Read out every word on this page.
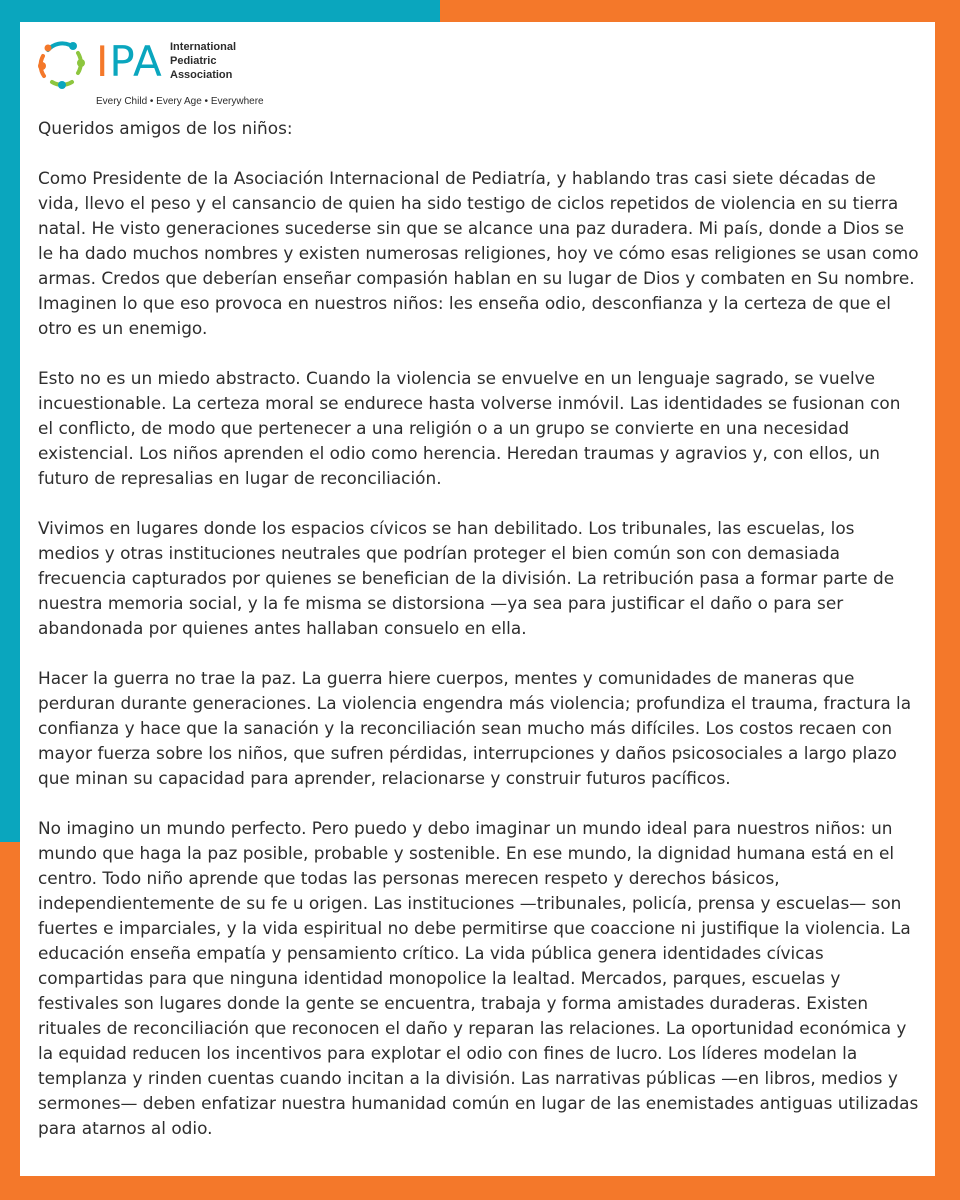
IPA International
Pediatric
Association
Every Child • Every Age • Everywhere

Queridos amigos de los niños:

Como Presidente de la Asociación Internacional de Pediatría, y hablando tras casi siete décadas de vida, llevo el peso y el cansancio de quien ha sido testigo de ciclos repetidos de violencia en su tierra natal. He visto generaciones sucederse sin que se alcance una paz duradera. Mi país, donde a Dios se le ha dado muchos nombres y existen numerosas religiones, hoy ve cómo esas religiones se usan como armas. Credos que deberían enseñar compasión hablan en su lugar de Dios y combaten en Su nombre. Imaginen lo que eso provoca en nuestros niños: les enseña odio, desconfianza y la certeza de que el otro es un enemigo.

Esto no es un miedo abstracto. Cuando la violencia se envuelve en un lenguaje sagrado, se vuelve incuestionable. La certeza moral se endurece hasta volverse inmóvil. Las identidades se fusionan con el conflicto, de modo que pertenecer a una religión o a un grupo se convierte en una necesidad existencial. Los niños aprenden el odio como herencia. Heredan traumas y agravios y, con ellos, un futuro de represalias en lugar de reconciliación.

Vivimos en lugares donde los espacios cívicos se han debilitado. Los tribunales, las escuelas, los medios y otras instituciones neutrales que podrían proteger el bien común son con demasiada frecuencia capturados por quienes se benefician de la división. La retribución pasa a formar parte de nuestra memoria social, y la fe misma se distorsiona —ya sea para justificar el daño o para ser abandonada por quienes antes hallaban consuelo en ella.

Hacer la guerra no trae la paz. La guerra hiere cuerpos, mentes y comunidades de maneras que perduran durante generaciones. La violencia engendra más violencia; profundiza el trauma, fractura la confianza y hace que la sanación y la reconciliación sean mucho más difíciles. Los costos recaen con mayor fuerza sobre los niños, que sufren pérdidas, interrupciones y daños psicosociales a largo plazo que minan su capacidad para aprender, relacionarse y construir futuros pacíficos.

No imagino un mundo perfecto. Pero puedo y debo imaginar un mundo ideal para nuestros niños: un mundo que haga la paz posible, probable y sostenible. En ese mundo, la dignidad humana está en el centro. Todo niño aprende que todas las personas merecen respeto y derechos básicos, independientemente de su fe u origen. Las instituciones —tribunales, policía, prensa y escuelas— son fuertes e imparciales, y la vida espiritual no debe permitirse que coaccione ni justifique la violencia. La educación enseña empatía y pensamiento crítico. La vida pública genera identidades cívicas compartidas para que ninguna identidad monopolice la lealtad. Mercados, parques, escuelas y festivales son lugares donde la gente se encuentra, trabaja y forma amistades duraderas. Existen rituales de reconciliación que reconocen el daño y reparan las relaciones. La oportunidad económica y la equidad reducen los incentivos para explotar el odio con fines de lucro. Los líderes modelan la templanza y rinden cuentas cuando incitan a la división. Las narrativas públicas —en libros, medios y sermones— deben enfatizar nuestra humanidad común en lugar de las enemistades antiguas utilizadas para atarnos al odio.
